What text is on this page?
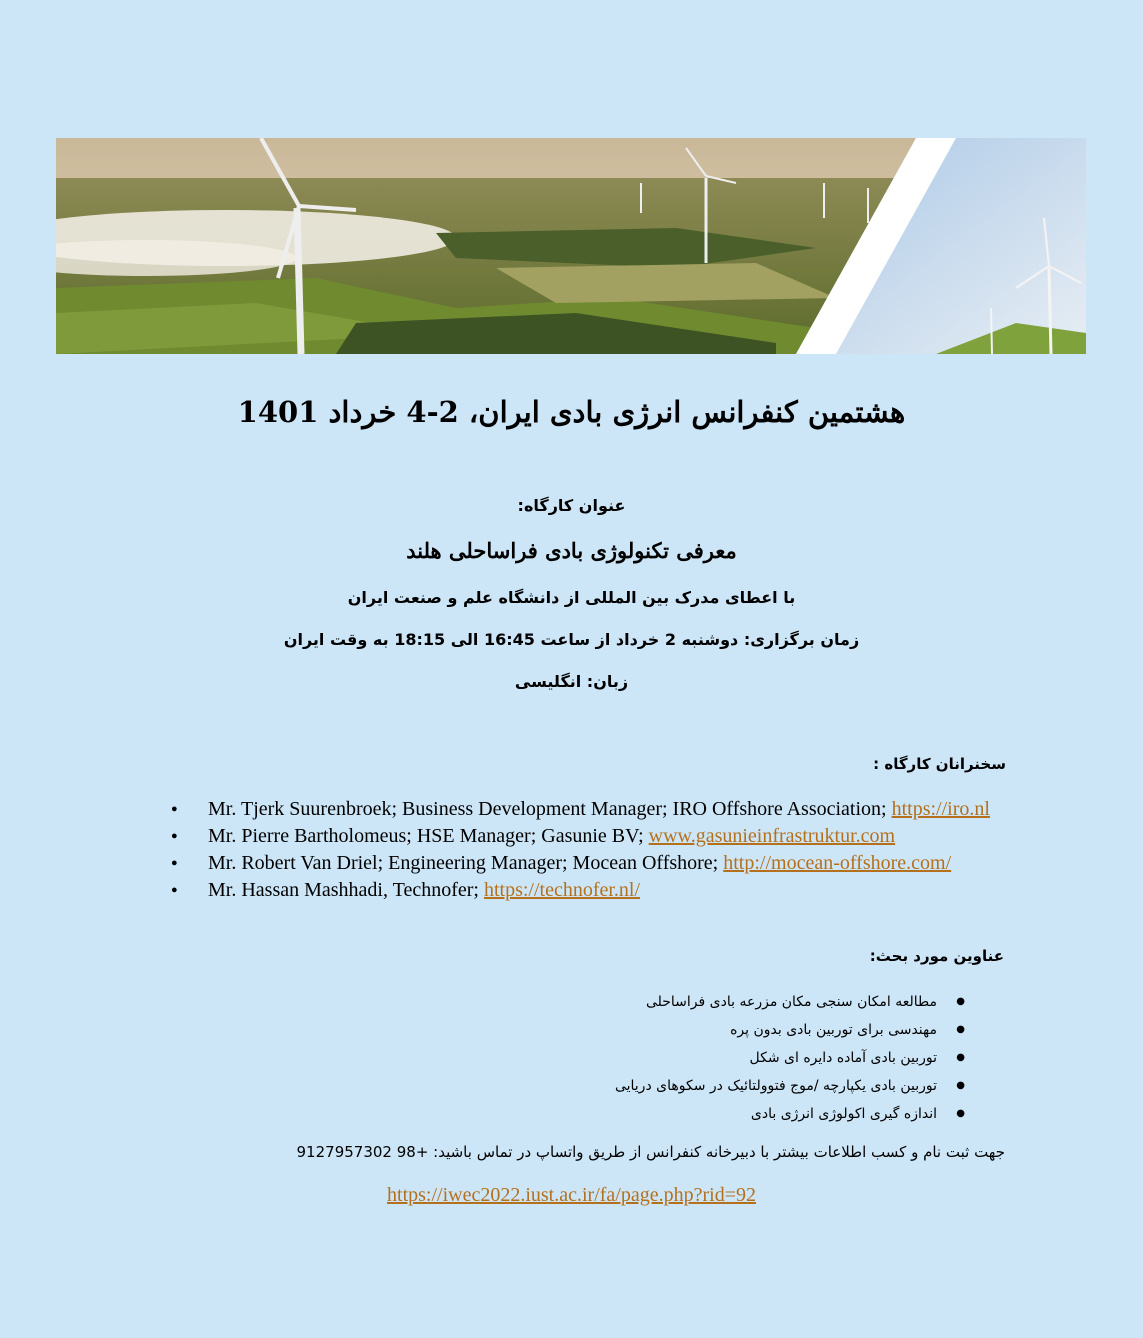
هشتمین کنفرانس انرژی بادی ایران، 2-4 خرداد 1401
عنوان کارگاه:
معرفی تکنولوژی بادی فراساحلی هلند
با اعطای مدرک بین المللی از دانشگاه علم و صنعت ایران
زمان برگزاری: دوشنبه 2 خرداد از ساعت 16:45 الی 18:15 به وقت ایران
زبان: انگلیسی
سخنرانان کارگاه :
● Mr. Tjerk Suurenbroek; Business Development Manager; IRO Offshore Association; https://iro.nl
● Mr. Pierre Bartholomeus; HSE Manager; Gasunie BV; www.gasunieinfrastruktur.com
● Mr. Robert Van Driel; Engineering Manager; Mocean Offshore; http://mocean-offshore.com/
● Mr. Hassan Mashhadi, Technofer; https://technofer.nl/
عناوین مورد بحث:
● مطالعه امکان سنجی مکان مزرعه بادی فراساحلی
● مهندسی برای توربین بادی بدون پره
● توربین بادی آماده دایره ای شکل
● توربین بادی یکپارچه /موج فتوولتائیک در سکوهای دریایی
● اندازه گیری اکولوژی انرژی بادی
جهت ثبت نام و کسب اطلاعات بیشتر با دبیرخانه کنفرانس از طریق واتساپ در تماس باشید: +98 9127957302
https://iwec2022.iust.ac.ir/fa/page.php?rid=92
